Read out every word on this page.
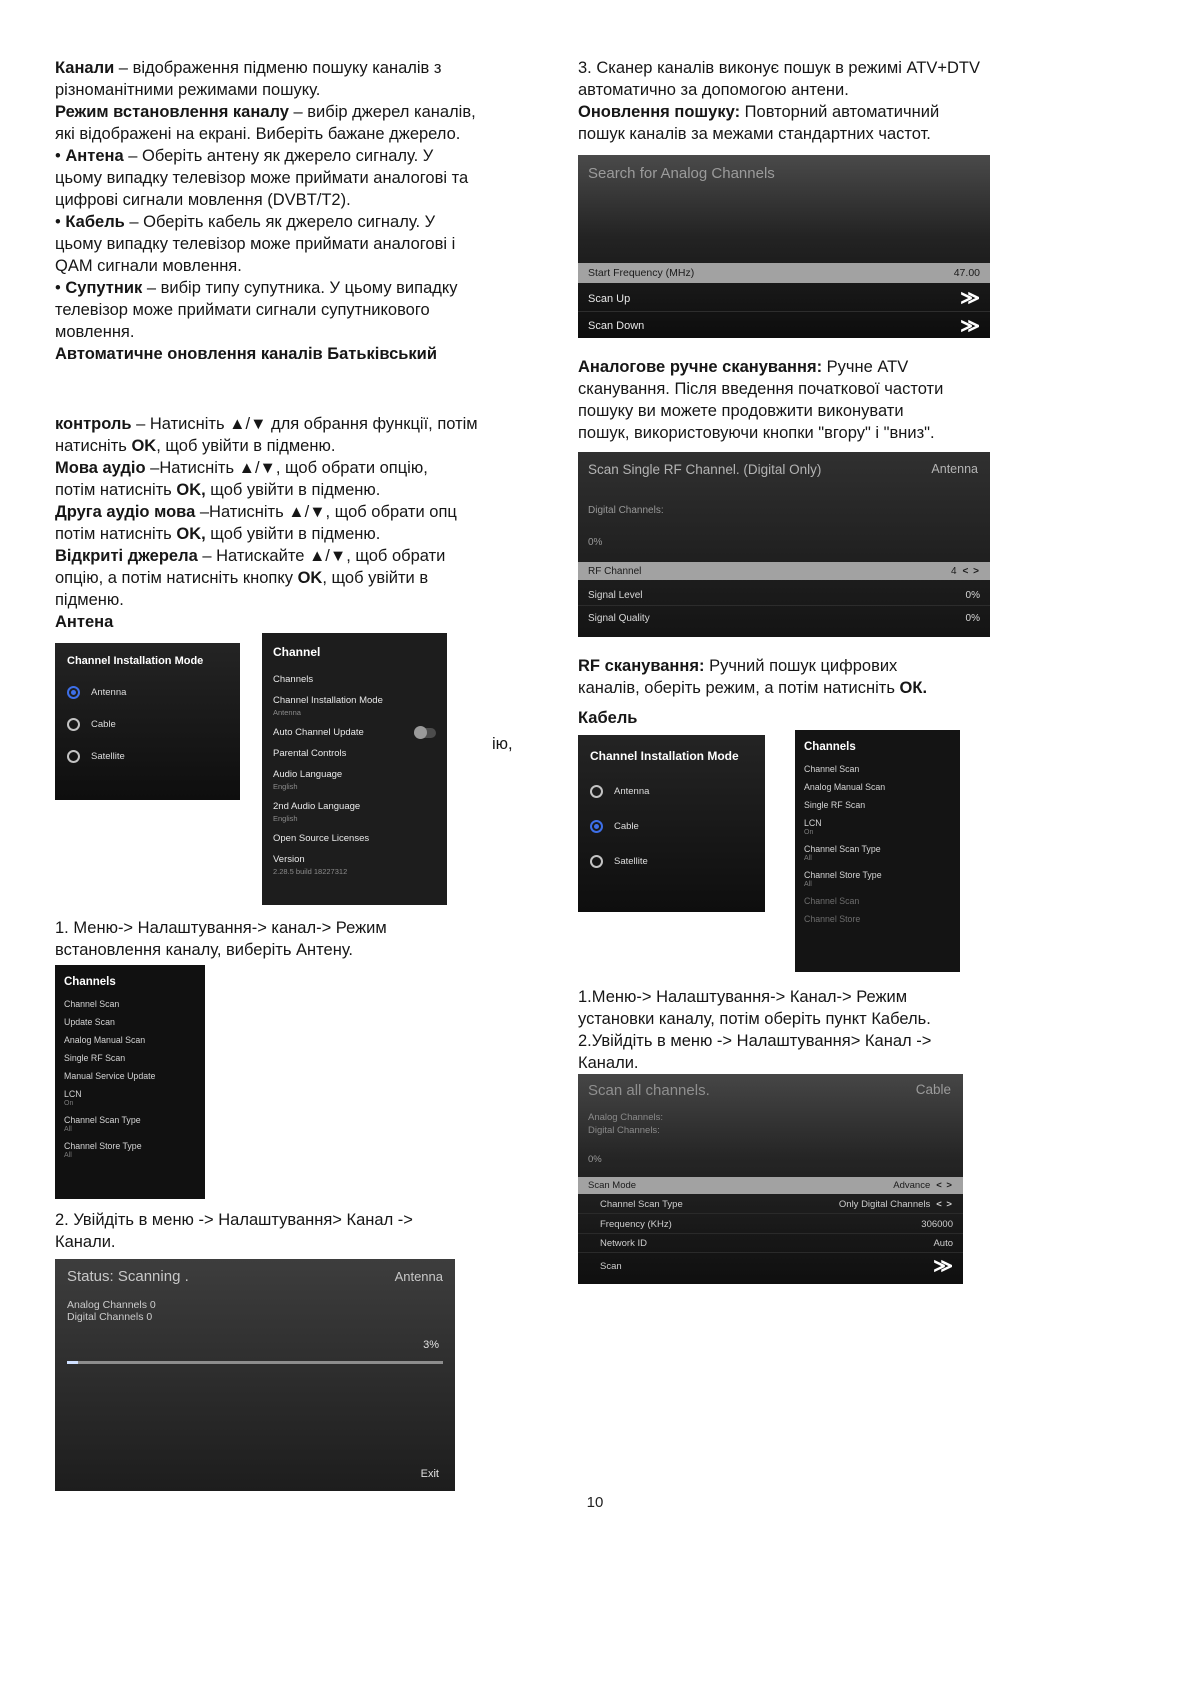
Канали – відображення підменю пошуку каналів з
різноманітними режимами пошуку.

Режим встановлення каналу – вибір джерел каналів,
які відображені на екрані. Виберіть бажане джерело.

• Антена – Оберіть антену як джерело сигналу. У
цьому випадку телевізор може приймати аналогові та
цифрові сигнали мовлення (DVBT/T2).

• Кабель – Оберіть кабель як джерело сигналу. У
цьому випадку телевізор може приймати аналогові і
QAM сигнали мовлення.

• Супутник – вибір типу супутника. У цьому випадку
телевізор може приймати сигнали супутникового
мовлення.

Автоматичне оновлення каналів Батьківський

контроль – Натисніть ▲/▼ для обрання функції, потім
натисніть OK, щоб увійти в підменю.

Мова аудіо –Натисніть ▲/▼, щоб обрати опцію,
потім натисніть OK, щоб увійти в підменю.

Друга аудіо мова –Натисніть ▲/▼, щоб обрати опц
потім натисніть OK, щоб увійти в підменю.

Відкриті джерела – Натискайте ▲/▼, щоб обрати
опцію, а потім натисніть кнопку OK, щоб увійти в
підменю.

Антена
Channel Installation Mode
Antenna
Cable
Satellite
Channel
Channels
Channel Installation Mode
Antenna
Auto Channel Update
Parental Controls
Audio Language
English
2nd Audio Language
English
Open Source Licenses
Version
2.28.5 build 18227312

1. Меню-> Налаштування-> канал-> Режим
встановлення каналу, виберіть Антену.

Channels
Channel Scan
Update Scan
Analog Manual Scan
Single RF Scan
Manual Service Update
LCN
On
Channel Scan Type
All
Channel Store Type
All

2. Увійдіть в меню -> Налаштування> Канал ->
Канали.

Status: Scanning .	Antenna
Analog Channels 0
Digital Channels 0
3%
Exit

3. Сканер каналів виконує пошук в режимі ATV+DTV
автоматично за допомогою антени.

Оновлення пошуку: Повторний автоматичний
пошук каналів за межами стандартних частот.

Search for Analog Channels
Start Frequency (MHz)	47.00
Scan Up	≫
Scan Down	≫

Аналогове ручне сканування: Ручне ATV
сканування. Після введення початкової частоти
пошуку ви можете продовжити виконувати
пошук, використовуючи кнопки "вгору" і "вниз".

Scan Single RF Channel. (Digital Only)	Antenna
Digital Channels:
0%
RF Channel	4 < >
Signal Level	0%
Signal Quality	0%

RF сканування: Ручний пошук цифрових
каналів, оберіть режим, а потім натисніть ОК.

Кабель
Channel Installation Mode
Antenna
Cable
Satellite
Channels
Channel Scan
Analog Manual Scan
Single RF Scan
LCN
On
Channel Scan Type
All
Channel Store Type
All
Channel Scan
Channel Store

1.Меню-> Налаштування-> Канал-> Режим
установки каналу, потім оберіть пункт Кабель.

2.Увійдіть в меню -> Налаштування> Канал ->
Канали.

Scan all channels.	Cable
Analog Channels:
Digital Channels:
0%
Scan Mode	Advance < >
Channel Scan Type	Only Digital Channels < >
Frequency (KHz)	306000
Network ID	Auto
Scan	≫
ію,
10
